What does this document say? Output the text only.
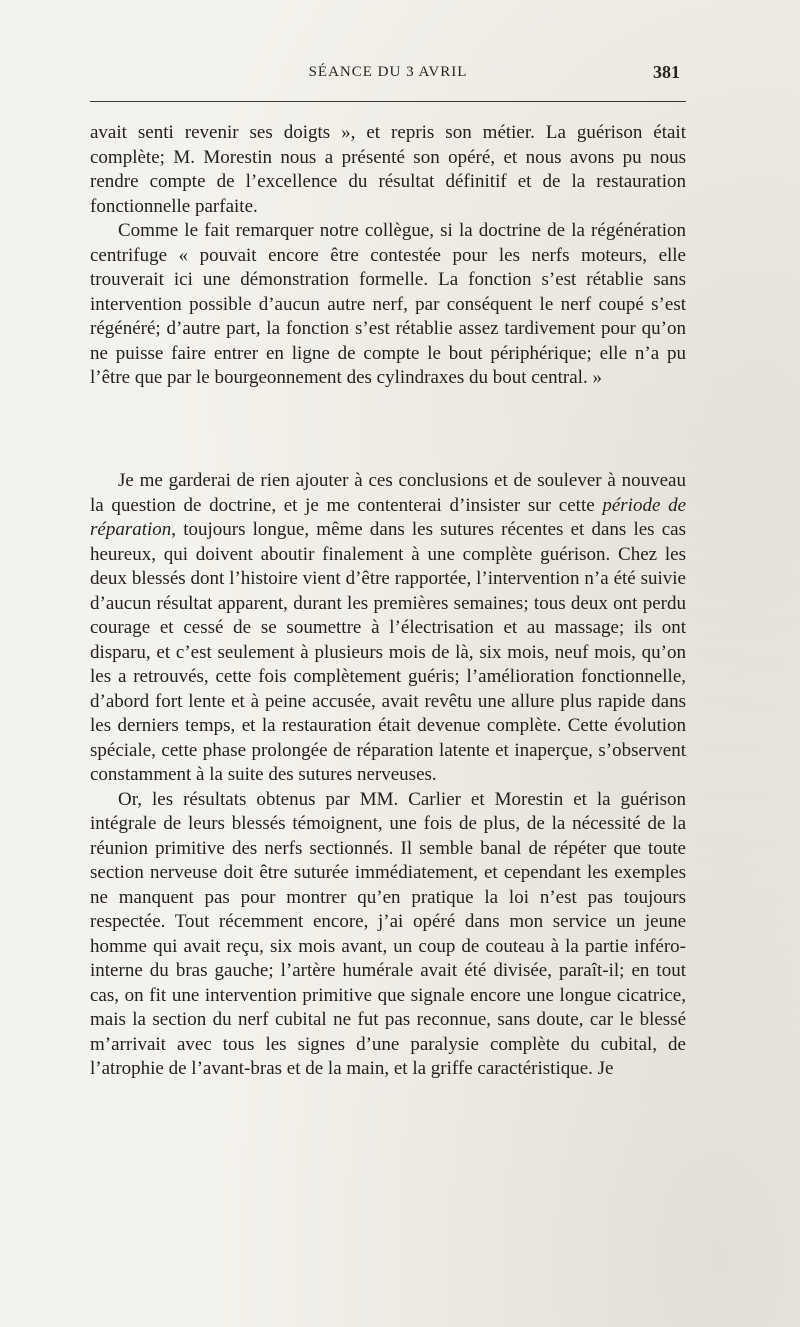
SÉANCE DU 3 AVRIL	381

avait senti revenir ses doigts », et repris son métier. La guérison était complète; M. Morestin nous a présenté son opéré, et nous avons pu nous rendre compte de l’excellence du résultat définitif et de la restauration fonctionnelle parfaite.

Comme le fait remarquer notre collègue, si la doctrine de la régénération centrifuge « pouvait encore être contestée pour les nerfs moteurs, elle trouverait ici une démonstration formelle. La fonction s’est rétablie sans intervention possible d’aucun autre nerf, par conséquent le nerf coupé s’est régénéré; d’autre part, la fonction s’est rétablie assez tardivement pour qu’on ne puisse faire entrer en ligne de compte le bout périphérique; elle n’a pu l’être que par le bourgeonnement des cylindraxes du bout central. »

Je me garderai de rien ajouter à ces conclusions et de soulever à nouveau la question de doctrine, et je me contenterai d’insister sur cette période de réparation, toujours longue, même dans les sutures récentes et dans les cas heureux, qui doivent aboutir finalement à une complète guérison. Chez les deux blessés dont l’histoire vient d’être rapportée, l’intervention n’a été suivie d’aucun résultat apparent, durant les premières semaines; tous deux ont perdu courage et cessé de se soumettre à l’électrisation et au massage; ils ont disparu, et c’est seulement à plusieurs mois de là, six mois, neuf mois, qu’on les a retrouvés, cette fois complètement guéris; l’amélioration fonctionnelle, d’abord fort lente et à peine accusée, avait revêtu une allure plus rapide dans les derniers temps, et la restauration était devenue complète. Cette évolution spéciale, cette phase prolongée de réparation latente et inaperçue, s’observent constamment à la suite des sutures nerveuses.

Or, les résultats obtenus par MM. Carlier et Morestin et la guérison intégrale de leurs blessés témoignent, une fois de plus, de la nécessité de la réunion primitive des nerfs sectionnés. Il semble banal de répéter que toute section nerveuse doit être suturée immédiatement, et cependant les exemples ne manquent pas pour montrer qu’en pratique la loi n’est pas toujours respectée. Tout récemment encore, j’ai opéré dans mon service un jeune homme qui avait reçu, six mois avant, un coup de couteau à la partie inféro-interne du bras gauche; l’artère humérale avait été divisée, paraît-il; en tout cas, on fit une intervention primitive que signale encore une longue cicatrice, mais la section du nerf cubital ne fut pas reconnue, sans doute, car le blessé m’arrivait avec tous les signes d’une paralysie complète du cubital, de l’atrophie de l’avant-bras et de la main, et la griffe caractéristique. Je
